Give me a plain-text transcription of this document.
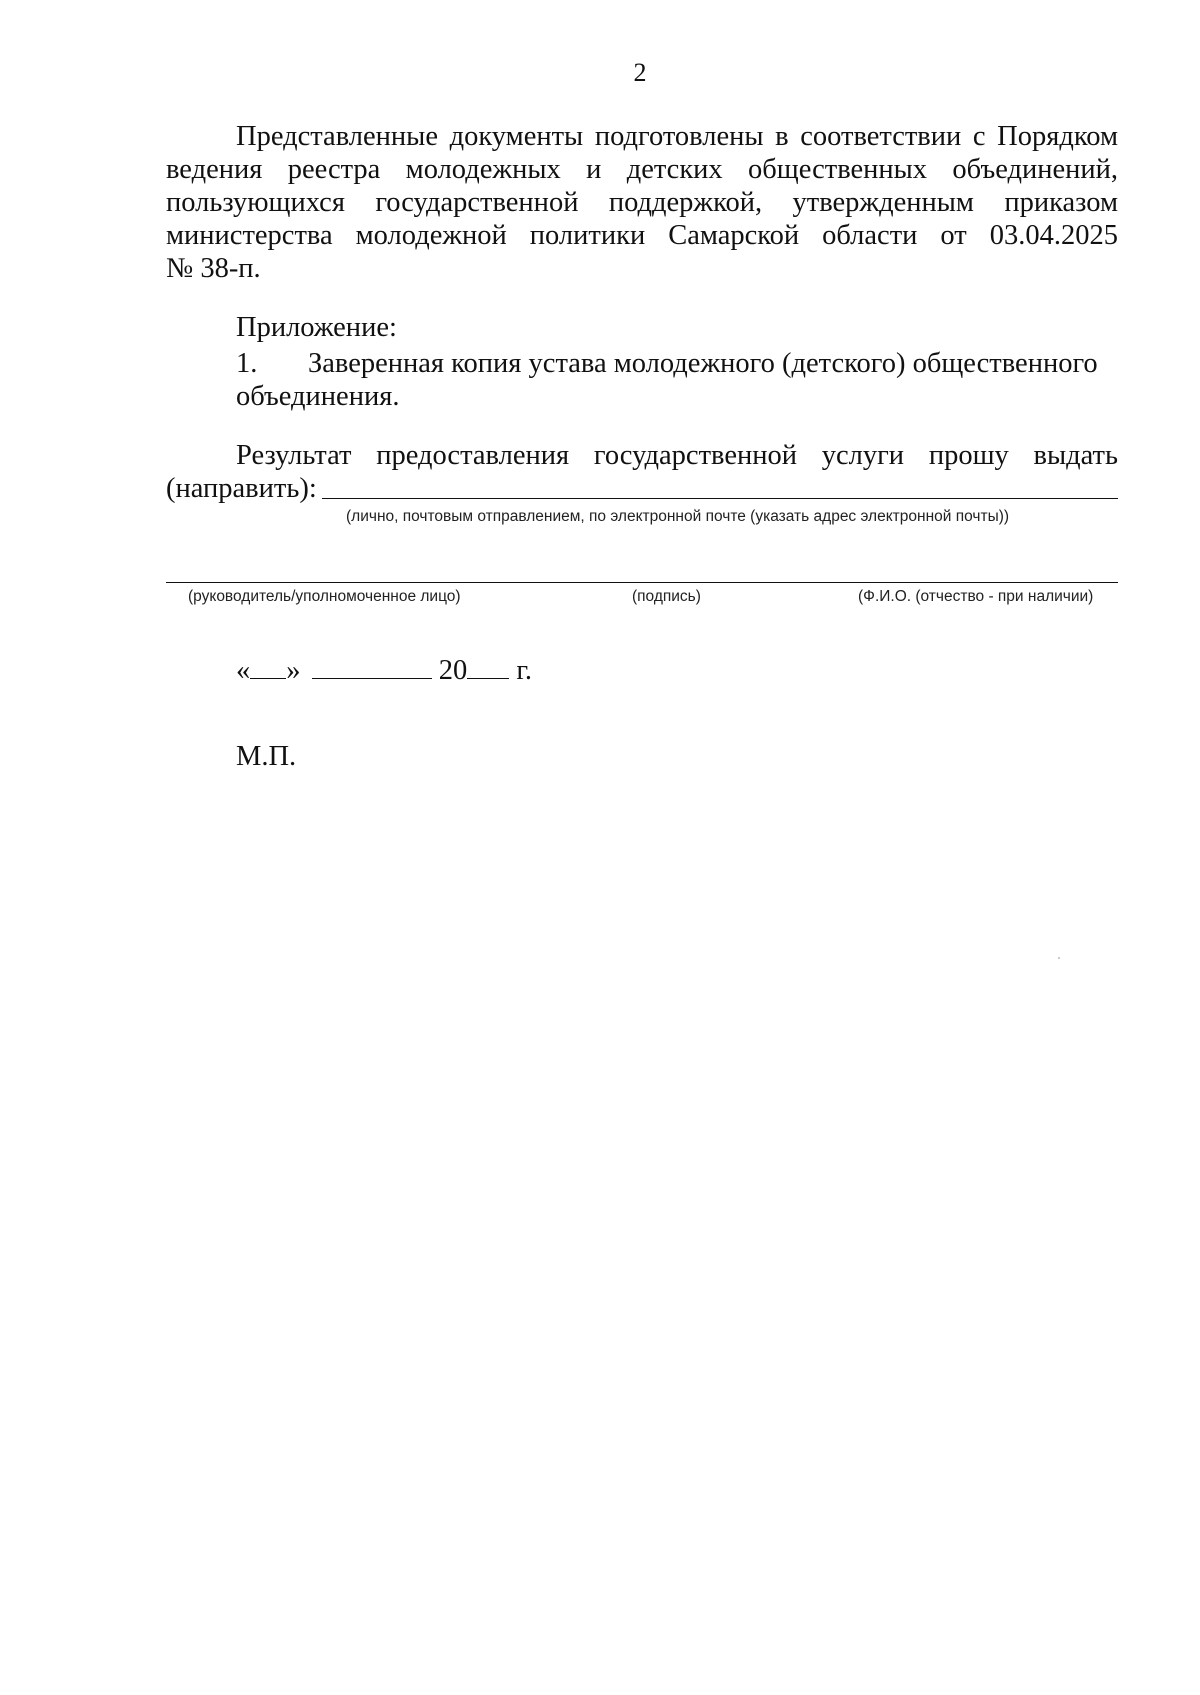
2
Представленные документы подготовлены в соответствии с Порядком
ведения реестра молодежных и детских общественных объединений,
пользующихся государственной поддержкой, утвержденным приказом
министерства молодежной политики Самарской области от 03.04.2025
№ 38-п.
Приложение:
1. Заверенная копия устава молодежного (детского) общественного
объединения.
Результат предоставления государственной услуги прошу выдать
(направить):
(лично, почтовым отправлением, по электронной почте (указать адрес электронной почты))
(руководитель/уполномоченное лицо)	(подпись)	(Ф.И.О. (отчество - при наличии)
« »	20 г.
М.П.
